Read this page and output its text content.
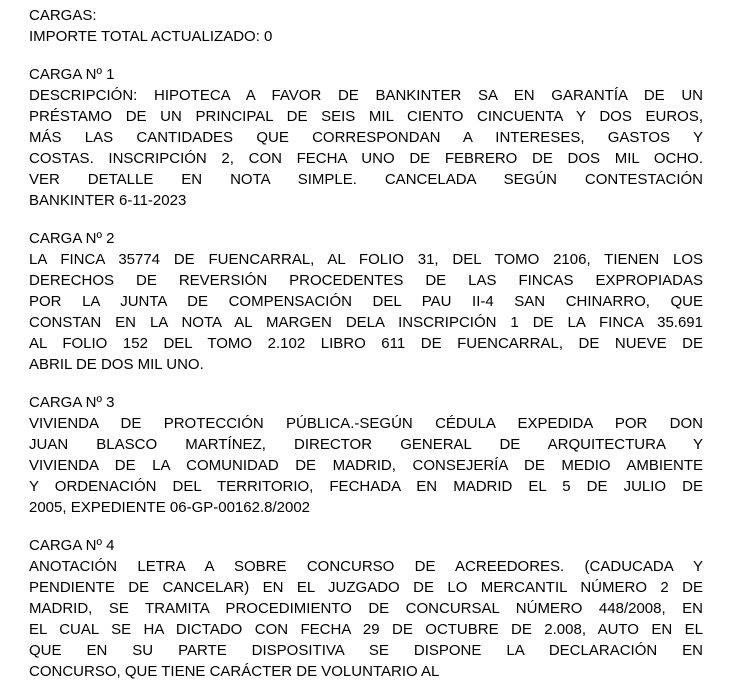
CARGAS:
IMPORTE TOTAL ACTUALIZADO: 0
CARGA Nº 1
DESCRIPCIÓN: HIPOTECA A FAVOR DE BANKINTER SA EN GARANTÍA DE UN
PRÉSTAMO DE UN PRINCIPAL DE SEIS MIL CIENTO CINCUENTA Y DOS EUROS,
MÁS LAS CANTIDADES QUE CORRESPONDAN A INTERESES, GASTOS Y
COSTAS. INSCRIPCIÓN 2, CON FECHA UNO DE FEBRERO DE DOS MIL OCHO.
VER DETALLE EN NOTA SIMPLE. CANCELADA SEGÚN CONTESTACIÓN
BANKINTER 6-11-2023
CARGA Nº 2
LA FINCA 35774 DE FUENCARRAL, AL FOLIO 31, DEL TOMO 2106, TIENEN LOS
DERECHOS DE REVERSIÓN PROCEDENTES DE LAS FINCAS EXPROPIADAS
POR LA JUNTA DE COMPENSACIÓN DEL PAU II-4 SAN CHINARRO, QUE
CONSTAN EN LA NOTA AL MARGEN DELA INSCRIPCIÓN 1 DE LA FINCA 35.691
AL FOLIO 152 DEL TOMO 2.102 LIBRO 611 DE FUENCARRAL, DE NUEVE DE
ABRIL DE DOS MIL UNO.
CARGA Nº 3
VIVIENDA DE PROTECCIÓN PÚBLICA.-SEGÚN CÉDULA EXPEDIDA POR DON
JUAN BLASCO MARTÍNEZ, DIRECTOR GENERAL DE ARQUITECTURA Y
VIVIENDA DE LA COMUNIDAD DE MADRID, CONSEJERÍA DE MEDIO AMBIENTE
Y ORDENACIÓN DEL TERRITORIO, FECHADA EN MADRID EL 5 DE JULIO DE
2005, EXPEDIENTE 06-GP-00162.8/2002
CARGA Nº 4
ANOTACIÓN LETRA A SOBRE CONCURSO DE ACREEDORES. (CADUCADA Y
PENDIENTE DE CANCELAR) EN EL JUZGADO DE LO MERCANTIL NÚMERO 2 DE
MADRID, SE TRAMITA PROCEDIMIENTO DE CONCURSAL NÚMERO 448/2008, EN
EL CUAL SE HA DICTADO CON FECHA 29 DE OCTUBRE DE 2.008, AUTO EN EL
QUE EN SU PARTE DISPOSITIVA SE DISPONE LA DECLARACIÓN EN
CONCURSO, QUE TIENE CARÁCTER DE VOLUNTARIO AL
